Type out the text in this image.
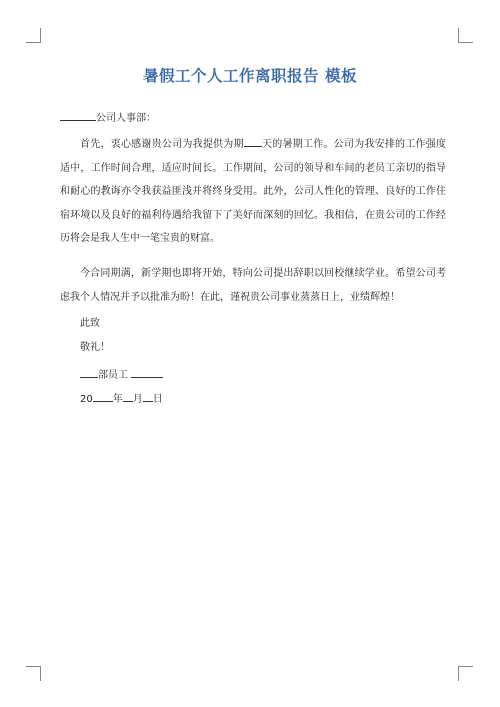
暑假工个人工作离职报告 模板
公司人事部：
首先，衷心感谢贵公司为我提供为期 天的暑期工作。公司为我安排的工作强度适中，工作时间合理，适应时间长。工作期间，公司的领导和车间的老员工亲切的指导和耐心的教诲亦令我获益匪浅并将终身受用。此外，公司人性化的管理、良好的工作住宿环境以及良好的福利待遇给我留下了美好而深刻的回忆。我相信，在贵公司的工作经历将会是我人生中一笔宝贵的财富。
今合同期满，新学期也即将开始，特向公司提出辞职以回校继续学业。希望公司考虑我个人情况并予以批准为盼！在此，谨祝贵公司事业蒸蒸日上，业绩辉煌！
此致
敬礼！
部员工
20 年 月 日
